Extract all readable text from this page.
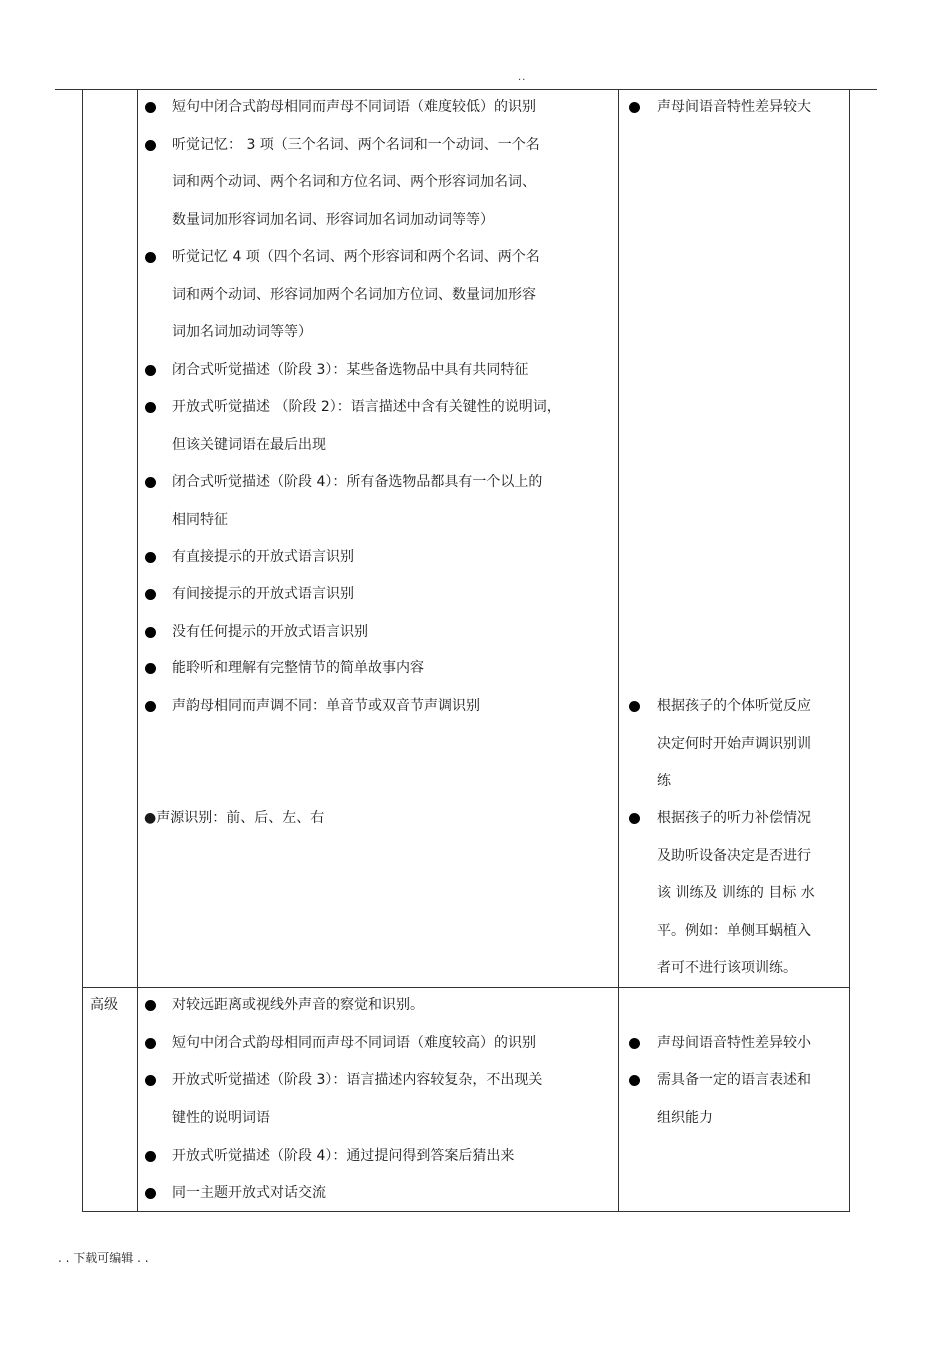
..
短句中闭合式韵母相同而声母不同词语（难度较低）的识别
听觉记忆： 3 项（三个名词、两个名词和一个动词、一个名
词和两个动词、两个名词和方位名词、两个形容词加名词、
数量词加形容词加名词、形容词加名词加动词等等）
听觉记忆 4 项（四个名词、两个形容词和两个名词、两个名
词和两个动词、形容词加两个名词加方位词、数量词加形容
词加名词加动词等等）
闭合式听觉描述（阶段 3）：某些备选物品中具有共同特征
开放式听觉描述 （阶段 2）：语言描述中含有关键性的说明词，
但该关键词语在最后出现
闭合式听觉描述（阶段 4）：所有备选物品都具有一个以上的
相同特征
有直接提示的开放式语言识别
有间接提示的开放式语言识别
没有任何提示的开放式语言识别
能聆听和理解有完整情节的简单故事内容
声韵母相同而声调不同：单音节或双音节声调识别
●声源识别：前、后、左、右
声母间语音特性差异较大
根据孩子的个体听觉反应
决定何时开始声调识别训
练
根据孩子的听力补偿情况
及助听设备决定是否进行
该 训练及 训练的 目标 水
平。例如：单侧耳蜗植入
者可不进行该项训练。
高级	对较远距离或视线外声音的察觉和识别。
短句中闭合式韵母相同而声母不同词语（难度较高）的识别
开放式听觉描述（阶段 3）：语言描述内容较复杂，不出现关
键性的说明词语
开放式听觉描述（阶段 4）：通过提问得到答案后猜出来
同一主题开放式对话交流
声母间语音特性差异较小
需具备一定的语言表述和
组织能力
. . 下载可编辑 . .
